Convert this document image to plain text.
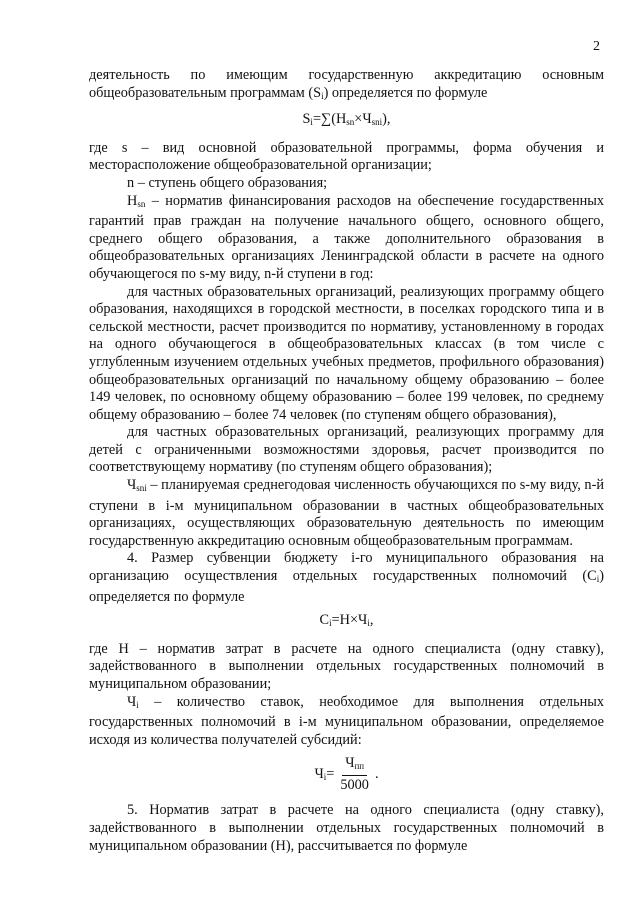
2

деятельность по имеющим государственную аккредитацию основным общеобразовательным программам $(S_i)$ определяется по формуле

$S_i=\sum(Н_{sn}\times Ч_{sni})$,

где s – вид основной образовательной программы, форма обучения и месторасположение общеобразовательной организации;

n – ступень общего образования;

$Н_{sn}$ – норматив финансирования расходов на обеспечение государственных гарантий прав граждан на получение начального общего, основного общего, среднего общего образования, а также дополнительного образования в общеобразовательных организациях Ленинградской области в расчете на одного обучающегося по s-му виду, n-й ступени в год:

для частных образовательных организаций, реализующих программу общего образования, находящихся в городской местности, в поселках городского типа и в сельской местности, расчет производится по нормативу, установленному в городах на одного обучающегося в общеобразовательных классах (в том числе с углубленным изучением отдельных учебных предметов, профильного образования) общеобразовательных организаций по начальному общему образованию – более 149 человек, по основному общему образованию – более 199 человек, по среднему общему образованию – более 74 человек (по ступеням общего образования),

для частных образовательных организаций, реализующих программу для детей с ограниченными возможностями здоровья, расчет производится по соответствующему нормативу (по ступеням общего образования);

$Ч_{sni}$ – планируемая среднегодовая численность обучающихся по s-му виду, n-й ступени в i-м муниципальном образовании в частных общеобразовательных организациях, осуществляющих образовательную деятельность по имеющим государственную аккредитацию основным общеобразовательным программам.

4. Размер субвенции бюджету i-го муниципального образования на организацию осуществления отдельных государственных полномочий $(С_i)$ определяется по формуле

$С_i=Н\times Ч_i$,

где Н – норматив затрат в расчете на одного специалиста (одну ставку), задействованного в выполнении отдельных государственных полномочий в муниципальном образовании;

$Ч_i$ – количество ставок, необходимое для выполнения отдельных государственных полномочий в i-м муниципальном образовании, определяемое исходя из количества получателей субсидий:

$Ч_i= \frac{Ч_{пп}}{5000}$ .

5. Норматив затрат в расчете на одного специалиста (одну ставку), задействованного в выполнении отдельных государственных полномочий в муниципальном образовании (Н), рассчитывается по формуле
